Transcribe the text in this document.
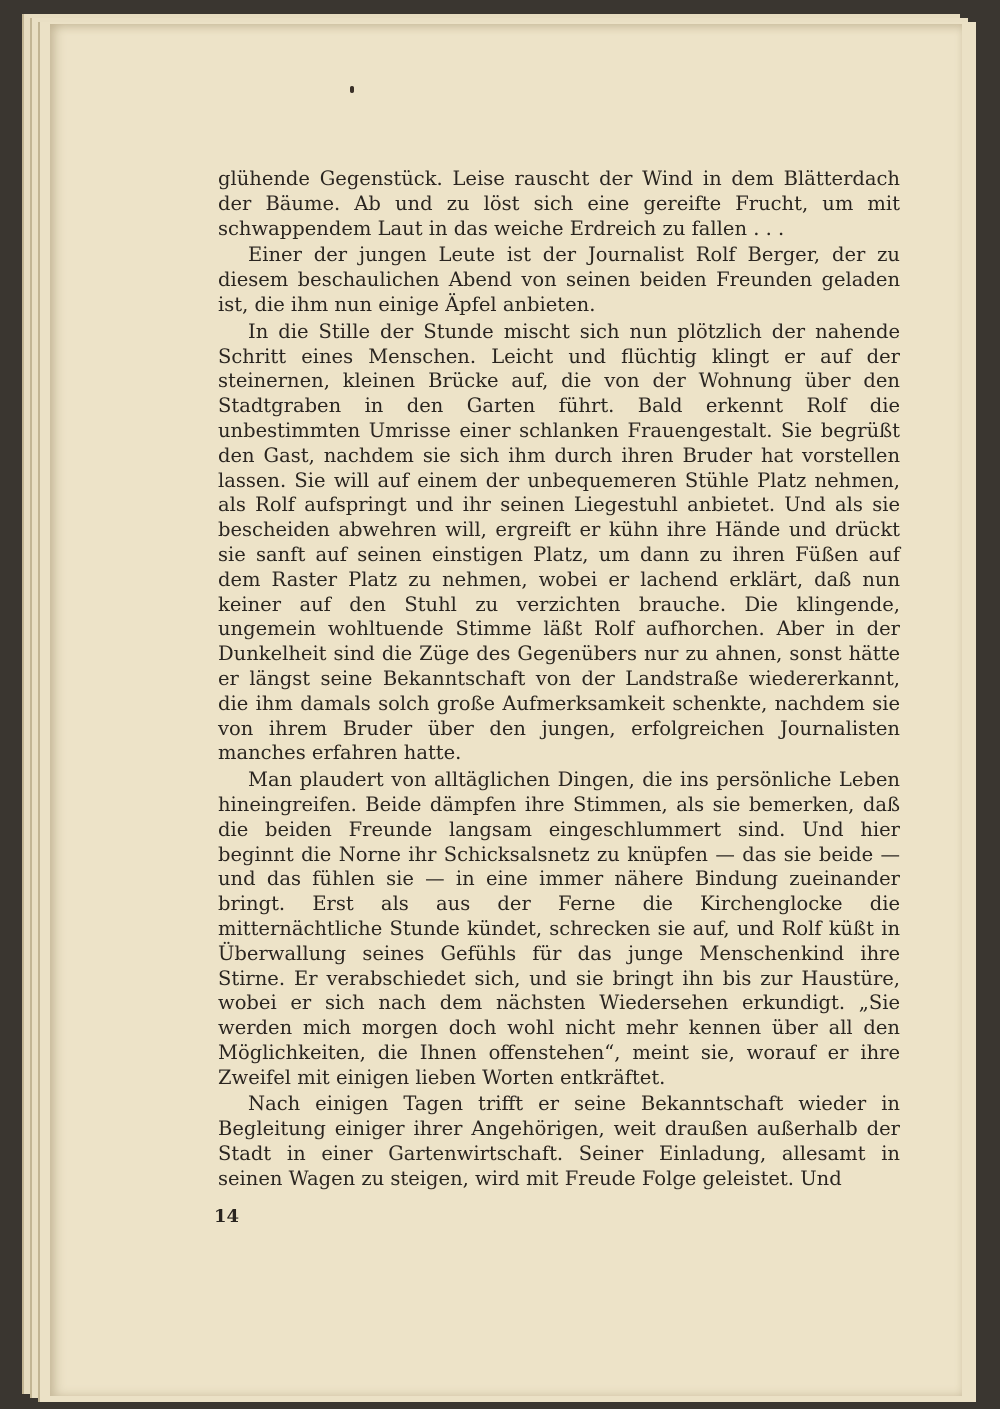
glühende Gegenstück. Leise rauscht der Wind in dem Blätterdach der Bäume. Ab und zu löst sich eine gereifte Frucht, um mit schwappendem Laut in das weiche Erdreich zu fallen . . .

Einer der jungen Leute ist der Journalist Rolf Berger, der zu diesem beschaulichen Abend von seinen beiden Freunden geladen ist, die ihm nun einige Äpfel anbieten.

In die Stille der Stunde mischt sich nun plötzlich der nahende Schritt eines Menschen. Leicht und flüchtig klingt er auf der steinernen, kleinen Brücke auf, die von der Wohnung über den Stadtgraben in den Garten führt. Bald erkennt Rolf die unbestimmten Umrisse einer schlanken Frauengestalt. Sie begrüßt den Gast, nachdem sie sich ihm durch ihren Bruder hat vorstellen lassen. Sie will auf einem der unbequemeren Stühle Platz nehmen, als Rolf aufspringt und ihr seinen Liegestuhl anbietet. Und als sie bescheiden abwehren will, ergreift er kühn ihre Hände und drückt sie sanft auf seinen einstigen Platz, um dann zu ihren Füßen auf dem Raster Platz zu nehmen, wobei er lachend erklärt, daß nun keiner auf den Stuhl zu verzichten brauche. Die klingende, ungemein wohltuende Stimme läßt Rolf aufhorchen. Aber in der Dunkelheit sind die Züge des Gegenübers nur zu ahnen, sonst hätte er längst seine Bekanntschaft von der Landstraße wiedererkannt, die ihm damals solch große Aufmerksamkeit schenkte, nachdem sie von ihrem Bruder über den jungen, erfolgreichen Journalisten manches erfahren hatte.

Man plaudert von alltäglichen Dingen, die ins persönliche Leben hineingreifen. Beide dämpfen ihre Stimmen, als sie bemerken, daß die beiden Freunde langsam eingeschlummert sind. Und hier beginnt die Norne ihr Schicksalsnetz zu knüpfen — das sie beide — und das fühlen sie — in eine immer nähere Bindung zueinander bringt. Erst als aus der Ferne die Kirchenglocke die mitternächtliche Stunde kündet, schrecken sie auf, und Rolf küßt in Überwallung seines Gefühls für das junge Menschenkind ihre Stirne. Er verabschiedet sich, und sie bringt ihn bis zur Haustüre, wobei er sich nach dem nächsten Wiedersehen erkundigt. „Sie werden mich morgen doch wohl nicht mehr kennen über all den Möglichkeiten, die Ihnen offenstehen“, meint sie, worauf er ihre Zweifel mit einigen lieben Worten entkräftet.

Nach einigen Tagen trifft er seine Bekanntschaft wieder in Begleitung einiger ihrer Angehörigen, weit draußen außerhalb der Stadt in einer Gartenwirtschaft. Seiner Einladung, allesamt in seinen Wagen zu steigen, wird mit Freude Folge geleistet. Und

14
